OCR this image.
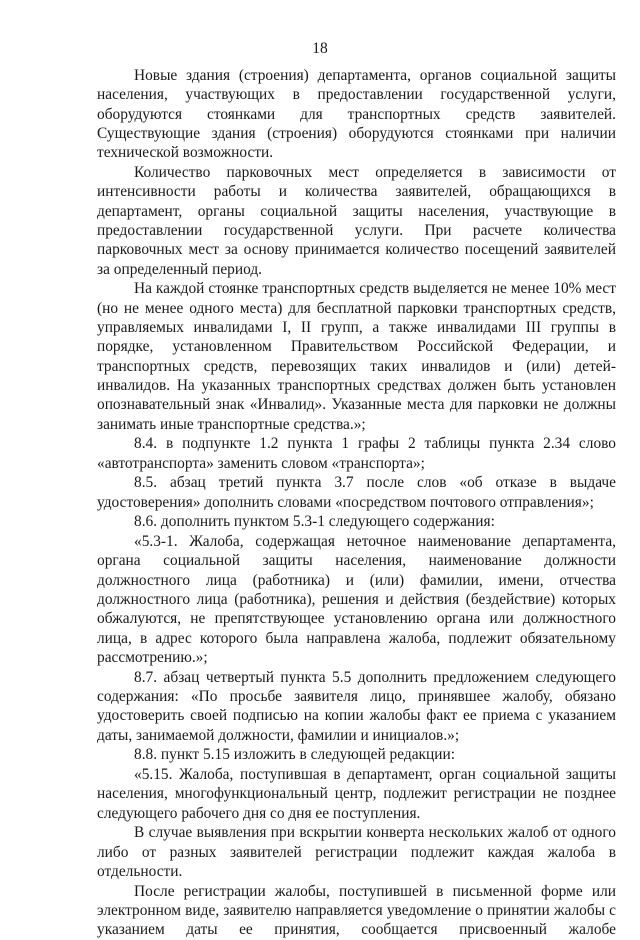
18

Новые здания (строения) департамента, органов социальной защиты населения, участвующих в предоставлении государственной услуги, оборудуются стоянками для транспортных средств заявителей. Существующие здания (строения) оборудуются стоянками при наличии технической возможности.

Количество парковочных мест определяется в зависимости от интенсивности работы и количества заявителей, обращающихся в департамент, органы социальной защиты населения, участвующие в предоставлении государственной услуги. При расчете количества парковочных мест за основу принимается количество посещений заявителей за определенный период.

На каждой стоянке транспортных средств выделяется не менее 10% мест (но не менее одного места) для бесплатной парковки транспортных средств, управляемых инвалидами I, II групп, а также инвалидами III группы в порядке, установленном Правительством Российской Федерации, и транспортных средств, перевозящих таких инвалидов и (или) детей-инвалидов. На указанных транспортных средствах должен быть установлен опознавательный знак «Инвалид». Указанные места для парковки не должны занимать иные транспортные средства.»;

8.4. в подпункте 1.2 пункта 1 графы 2 таблицы пункта 2.34 слово «автотранспорта» заменить словом «транспорта»;

8.5. абзац третий пункта 3.7 после слов «об отказе в выдаче удостоверения» дополнить словами «посредством почтового отправления»;

8.6. дополнить пунктом 5.3-1 следующего содержания:

«5.3-1. Жалоба, содержащая неточное наименование департамента, органа социальной защиты населения, наименование должности должностного лица (работника) и (или) фамилии, имени, отчества должностного лица (работника), решения и действия (бездействие) которых обжалуются, не препятствующее установлению органа или должностного лица, в адрес которого была направлена жалоба, подлежит обязательному рассмотрению.»;

8.7. абзац четвертый пункта 5.5 дополнить предложением следующего содержания: «По просьбе заявителя лицо, принявшее жалобу, обязано удостоверить своей подписью на копии жалобы факт ее приема с указанием даты, занимаемой должности, фамилии и инициалов.»;

8.8. пункт 5.15 изложить в следующей редакции:

«5.15. Жалоба, поступившая в департамент, орган социальной защиты населения, многофункциональный центр, подлежит регистрации не позднее следующего рабочего дня со дня ее поступления.

В случае выявления при вскрытии конверта нескольких жалоб от одного либо от разных заявителей регистрации подлежит каждая жалоба в отдельности.

После регистрации жалобы, поступившей в письменной форме или электронном виде, заявителю направляется уведомление о принятии жалобы с указанием даты ее принятия, сообщается присвоенный жалобе
